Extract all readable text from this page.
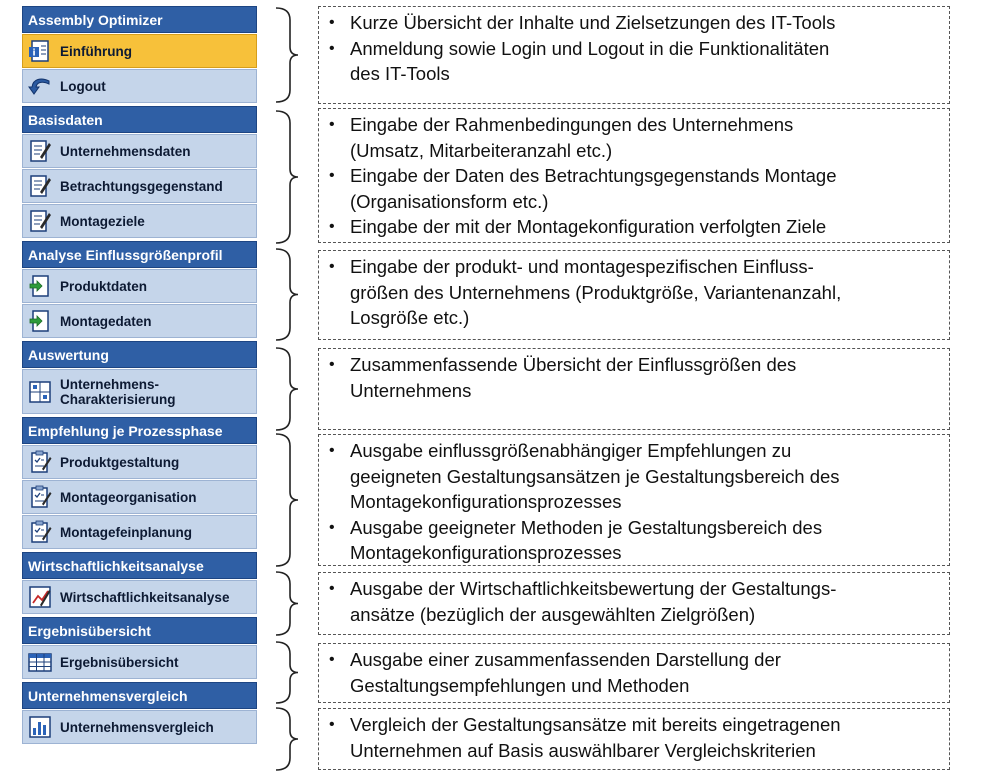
Assembly Optimizer
i Einführung
Logout
Basisdaten
Unternehmensdaten
Betrachtungsgegenstand
Montageziele
Analyse Einflussgrößenprofil
Produktdaten
Montagedaten
Auswertung
Unternehmens-
Charakterisierung
Empfehlung je Prozessphase
Produktgestaltung
Montageorganisation
Montagefeinplanung
Wirtschaftlichkeitsanalyse
Wirtschaftlichkeitsanalyse
Ergebnisübersicht
Ergebnisübersicht
Unternehmensvergleich
Unternehmensvergleich
• Kurze Übersicht der Inhalte und Zielsetzungen des IT-Tools
• Anmeldung sowie Login und Logout in die Funktionalitäten
des IT-Tools
• Eingabe der Rahmenbedingungen des Unternehmens
(Umsatz, Mitarbeiteranzahl etc.)
• Eingabe der Daten des Betrachtungsgegenstands Montage
(Organisationsform etc.)
• Eingabe der mit der Montagekonfiguration verfolgten Ziele
• Eingabe der produkt- und montagespezifischen Einfluss-
größen des Unternehmens (Produktgröße, Variantenanzahl,
Losgröße etc.)
• Zusammenfassende Übersicht der Einflussgrößen des
Unternehmens
• Ausgabe einflussgrößenabhängiger Empfehlungen zu
geeigneten Gestaltungsansätzen je Gestaltungsbereich des
Montagekonfigurationsprozesses
• Ausgabe geeigneter Methoden je Gestaltungsbereich des
Montagekonfigurationsprozesses
• Ausgabe der Wirtschaftlichkeitsbewertung der Gestaltungs-
ansätze (bezüglich der ausgewählten Zielgrößen)
• Ausgabe einer zusammenfassenden Darstellung der
Gestaltungsempfehlungen und Methoden
• Vergleich der Gestaltungsansätze mit bereits eingetragenen
Unternehmen auf Basis auswählbarer Vergleichskriterien
